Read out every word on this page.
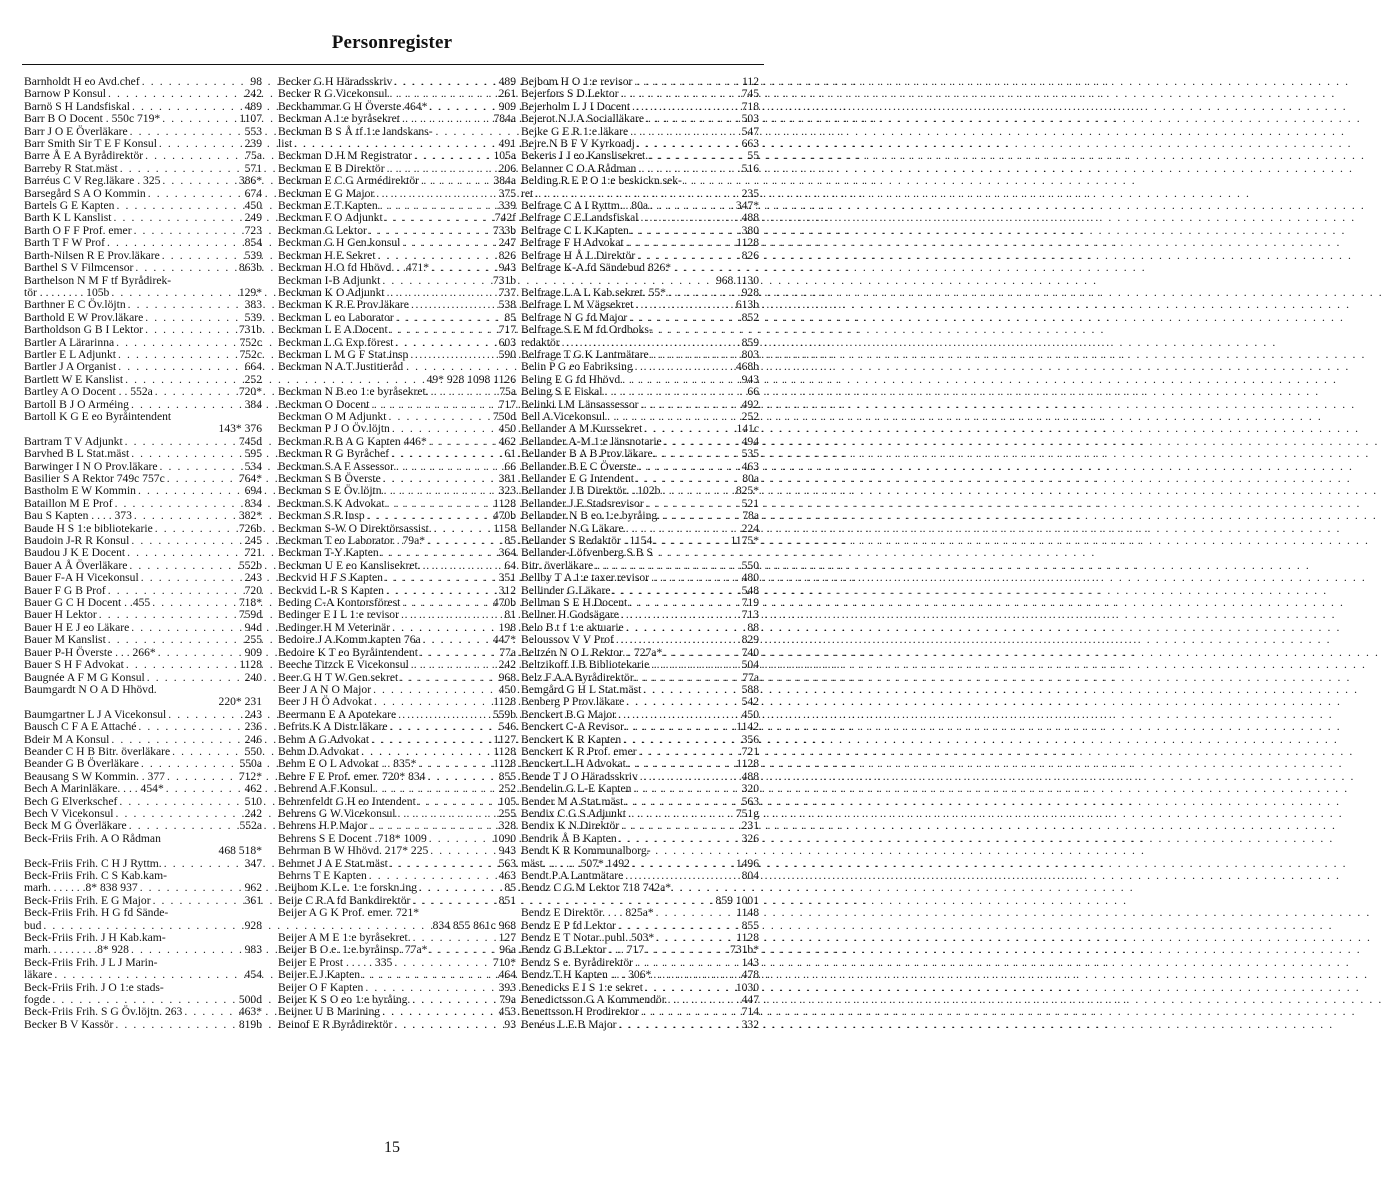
Personregister
Barnholdt H eo Avd.chef . . .	98
Barnow P Konsul . . .	242
Barnö S H Landsfiskal . . .	489
Barr B O Docent . 550c 719* . . .	1107
Barr J O E Överläkare . . .	553
Barr Smith Sir T E F Konsul . . .	239
Barre Å E A Byrådirektör . . .	75a
Barreby R Stat.mäst . . .	571
Barréus C V Reg.läkare . 325 . . .	386*
Barsegård S A O Kommin . . .	674
Bartels G E Kapten . . .	450
Barth K L Kanslist . . .	249
Barth O F F Prof. emer . . .	723
Barth T F W Prof . . .	854
Barth-Nilsen R E Prov.läkare . . .	539
Barthel S V Filmcensor . . .	863b
Barthelson N M F tf Byrådirek-
tör . . . . . . . . 105b . . .	129*
Barthner E C Öv.löjtn . . .	383
Barthold E W Prov.läkare . . .	539
Bartholdson G B I Lektor . . .	731b
Bartler A Lärarinna . . .	752c
Bartler E L Adjunkt . . .	752c
Bartler J A Organist . . .	664
Bartlett W E Kanslist . . .	252
Bartley A O Docent . . 552a . . .	720*
Bartoll B J O Arméing . . .	384
Bartoll K G E eo Byråintendent
143* 376
Bartram T V Adjunkt . . .	745d
Barvhed B L Stat.mäst . . .	595
Barwinger I N O Prov.läkare . . .	534
Basilier S A Rektor 749c 757c . . .	764*
Bastholm E W Kommin . . .	694
Bataillon M E Prof . . .	834
Bau S Kapten . . . . 373 . . .	382*
Baude H S 1:e bibliotekarie . . .	726b
Baudoin J-R R Konsul . . .	245
Baudou J K E Docent . . .	721
Bauer A Å Överläkare . . .	552b
Bauer F-A H Vicekonsul . . .	243
Bauer F G B Prof . . .	720
Bauer G C H Docent . .455 . . .	718*
Bauer H Lektor . . .	759d
Bauer H E J eo Läkare . . .	94d
Bauer M Kanslist . . .	255
Bauer P-H Överste . . . 266* . . .	909
Bauer S H F Advokat . . .	1128
Baugnée A F M G Konsul . . .	240
Baumgardt N O A D Hhövd.
220* 231
Baumgartner L J A Vicekonsul . . .	243
Bausch C F A E Attaché . . .	236
Bdeir M A Konsul . . .	246
Beander C H B Bitr. överläkare . . .	550
Beander G B Överläkare . . .	550a
Beausang S W Kommin. . 377 . . .	712*
Bech A Marinläkare. . . . 454* . . .	462
Bech G Elverkschef . . .	510
Bech V Vicekonsul . . .	242
Beck M G Överläkare . . .	552a
Beck-Friis Frih. A O Rådman
468 518*
Beck-Friis Frih. C H J Ryttm. . . .	347
Beck-Friis Frih. C S Kab.kam-
marh. . . . . . .8* 838 937 . . .	962
Beck-Friis Frih. E G Major . . .	361
Beck-Friis Frih. H G fd Sände-
bud . . .	928
Beck-Friis Frih. J H Kab.kam-
marh. . . . . . . . .8* 928 . . .	983
Beck-Friis Frih. J L J Marin-
läkare . . .	454
Beck-Friis Frih. J O 1:e stads-
fogde . . .	500d
Beck-Friis Frih. S G Öv.löjtn. 263 . . .	463*
Becker B V Kassör . . .	819b
Becker G H Häradsskriv . . .	489
Becker R G Vicekonsul . . .	261
Beckhammar G H Överste 464* . . .	909
Beckman A 1:e byråsekret . . .	784a
Beckman B S Å tf 1:e landskans-
list . . .	491
Beckman D H M Registrator . . .	105a
Beckman E B Direktör . . .	206
Beckman E C G Armédirektör . . .	384a
Beckman E G Major . . .	375
Beckman E T Kapten . . .	339
Beckman F O Adjunkt . . .	742f
Beckman G Lektor . . .	733b
Beckman G H Gen.konsul . . .	247
Beckman H E Sekret . . .	826
Beckman H O fd Hhövd. . .471* . . .	943
Beckman I-B Adjunkt . . .	731b
Beckman K O Adjunkt . . .	737
Beckman K R E Prov.läkare . . .	538
Beckman L eo Laborator . . .	85
Beckman L E A Docent . . .	717
Beckman L G Exp.förest . . .	603
Beckman L M G F Stat.insp . . .	590
Beckman N A T Justitieråd
49* 928 1098 1126
Beckman N B eo 1:e byråsekret. . . .	75a
Beckman O Docent . . .	717
Beckman O M Adjunkt . . .	750d
Beckman P J O Öv.löjtn . . .	450
Beckman R B A G Kapten 446* . . .	462
Beckman R G Byråchef . . .	61
Beckman S A F Assessor . . .	66
Beckman S B Överste . . .	381
Beckman S E Öv.löjtn . . .	323
Beckman S K Advokat . . .	1128
Beckman S R Insp . . .	470b
Beckman S-W O Direktörsassist. . . .	1158
Beckman T eo Laborator . 79a* . . .	85
Beckman T-Y Kapten . . .	364
Beckman U E eo Kanslisekret. . . .	64
Beckvid H F S Kapten . . .	351
Beckvid L-R S Kapten . . .	312
Beding C-A Kontorsförest . . .	470b
Bedinger E I L 1:e revisor . . .	81
Bedinger H M Veterinär . . .	198
Bedoire J A Komm.kapten 76a . . .	447*
Bedoire K T eo Byråintendent . . .	77a
Beeche Titzck E Vicekonsul . . .	242
Beer G H T W Gen.sekret . . .	968
Beer J A N O Major . . .	450
Beer J H Ö Advokat . . .	1128
Beermann E A Apotekare . . .	559b
Befrits K A Distr.läkare . . .	546
Behm A G Advokat . . .	1127
Behm D Advokat . . .	1128
Behm E O L Advokat . . 835* . . .	1128
Behre F E Prof. emer. 720* 834 . . .	855
Behrend A F Konsul . . .	252
Behrenfeldt G H eo Intendent . . .	105
Behrens G W Vicekonsul . . .	255
Behrens H P Major . . .	328
Behrens S E Docent .718* 1009 . . .	1090
Behrman B W Hhövd. 217* 225 . . .	943
Behrnet J A E Stat.mäst . . .	563
Behrns T E Kapten . . .	463
Beijbom K L e. 1:e forskn.ing . . .	85
Beije C R A fd Bankdirektör . . .	851
Beijer A G K Prof. emer. 721*
834 855 861c 968
Beijer A M E 1:e byråsekret. . . .	127
Beijer B O e. 1:e byråinsp. 77a* . . .	96a
Beijer E Prost . . . . . 335 . . .	710*
Beijer E J Kapten . . .	464
Beijer O F Kapten . . .	393
Beijer K S O eo 1:e byråing. . . .	79a
Beijner U B Marining . . .	453
Beinof E R Byrådirektör . . .	93
Bejbom H O 1:e revisor . . .	112
Bejerfors S D Lektor . . .	745
Bejerholm L J I Docent . . .	718
Bejerot N J A Socialläkare . . .	503
Bejke G E R 1:e läkare . . .	547
Bejre N B F V Kyrkoadj . . .	663
Bekeris I J eo Kanslisekret. . . .	55
Belanner C O A Rådman . . .	516
Belding R E P O 1:e beskickn.sek-
ret . . .	235
Belfrage C A I Ryttm. . 80a . . .	347*
Belfrage C E Landsfiskal . . .	488
Belfrage C L K Kapten . . .	380
Belfrage F H Advokat . . .	1128
Belfrage H Å L Direktör . . .	826
Belfrage K-A fd Sändebud 826*
968 1130
Belfrage L A L Kab.sekret. 55* . . .	928
Belfrage L M Vägsekret . . .	613b
Belfrage N G fd Major . . .	852
Belfrage S E M fd Ordboks-
redaktör . . .	859
Belfrage T G K Lantmätare . . .	803
Belin P G eo Fabriksing . . .	468b
Beling E G fd Hhövd . . .	943
Beling S E Fiskal . . .	66
Belinki I M Länsassessor . . .	492
Bell A Vicekonsul . . .	252
Bellander A M Kurssekret . . .	141c
Bellander A-M 1:e länsnotarie . . .	494
Bellander B A B Prov.läkare . . .	535
Bellander B E C Överste . . .	463
Bellander E G Intendent . . .	80a
Bellander J B Direktör. . 102b . . .	825*
Bellander J E Stadsrevisor . . .	521
Bellander N B eo 1:e byråing. . . .	78a
Bellander N G Läkare . . .	224
Bellander S Redaktör . 1154 . . .	1175*
Bellander-Löfvenberg S B S
Bitr. överläkare . . .	550
Bellby T A 1:e taxer.revisor . . .	480
Bellinder G Läkare . . .	548
Bellman S E H Docent . . .	719
Bellner H Godsägare . . .	713
Belo B t f 1:e aktuarie . . .	88
Beloussov V V Prof . . .	829
Beltzén N O L Rektor. . 727a* . . .	740
Beltzikoff J B Bibliotekarie . . .	504
Belz F A A Byrådirektör . . .	77a
Bemgård G H L Stat.mäst . . .	588
Benberg P Prov.läkare . . .	542
Benckert B G Major . . .	450
Benckert C-A Revisor . . .	1142
Benckert K R Kapten . . .	356
Benckert K R Prof. emer . . .	721
Benckert L H Advokat . . .	1128
Bende T J O Häradsskriv . . .	488
Bendelin G L-E Kapten . . .	320
Bender M A Stat.mäst . . .	563
Bendix C G S Adjunkt . . .	751g
Bendix K N Direktör . . .	231
Bendrik Å B Kapten . . .	326
Bendt K R Kommunalborg-
mäst. . . . . . .507* 1492 . . .	1496
Bendt P A Lantmätare . . .	804
Bendz C G M Lektor 718 742a*
859 1001
Bendz E Direktör. . . . 825a* . . .	1148
Bendz E P fd Lektor . . .	855
Bendz E T Notar. publ. 503* . . .	1128
Bendz G B Lektor . . . 717 . . .	731b*
Bendz S e. Byrådirektör . . .	143
Bendz T H Kapten . . . 306* . . .	478
Benedicks E I S 1:e sekret . . .	1030
Benedictsson G A Kommendör . . .	447
Benettsson H Prodirektor . . .	714
Benéus L E B Major . . .	332
15
